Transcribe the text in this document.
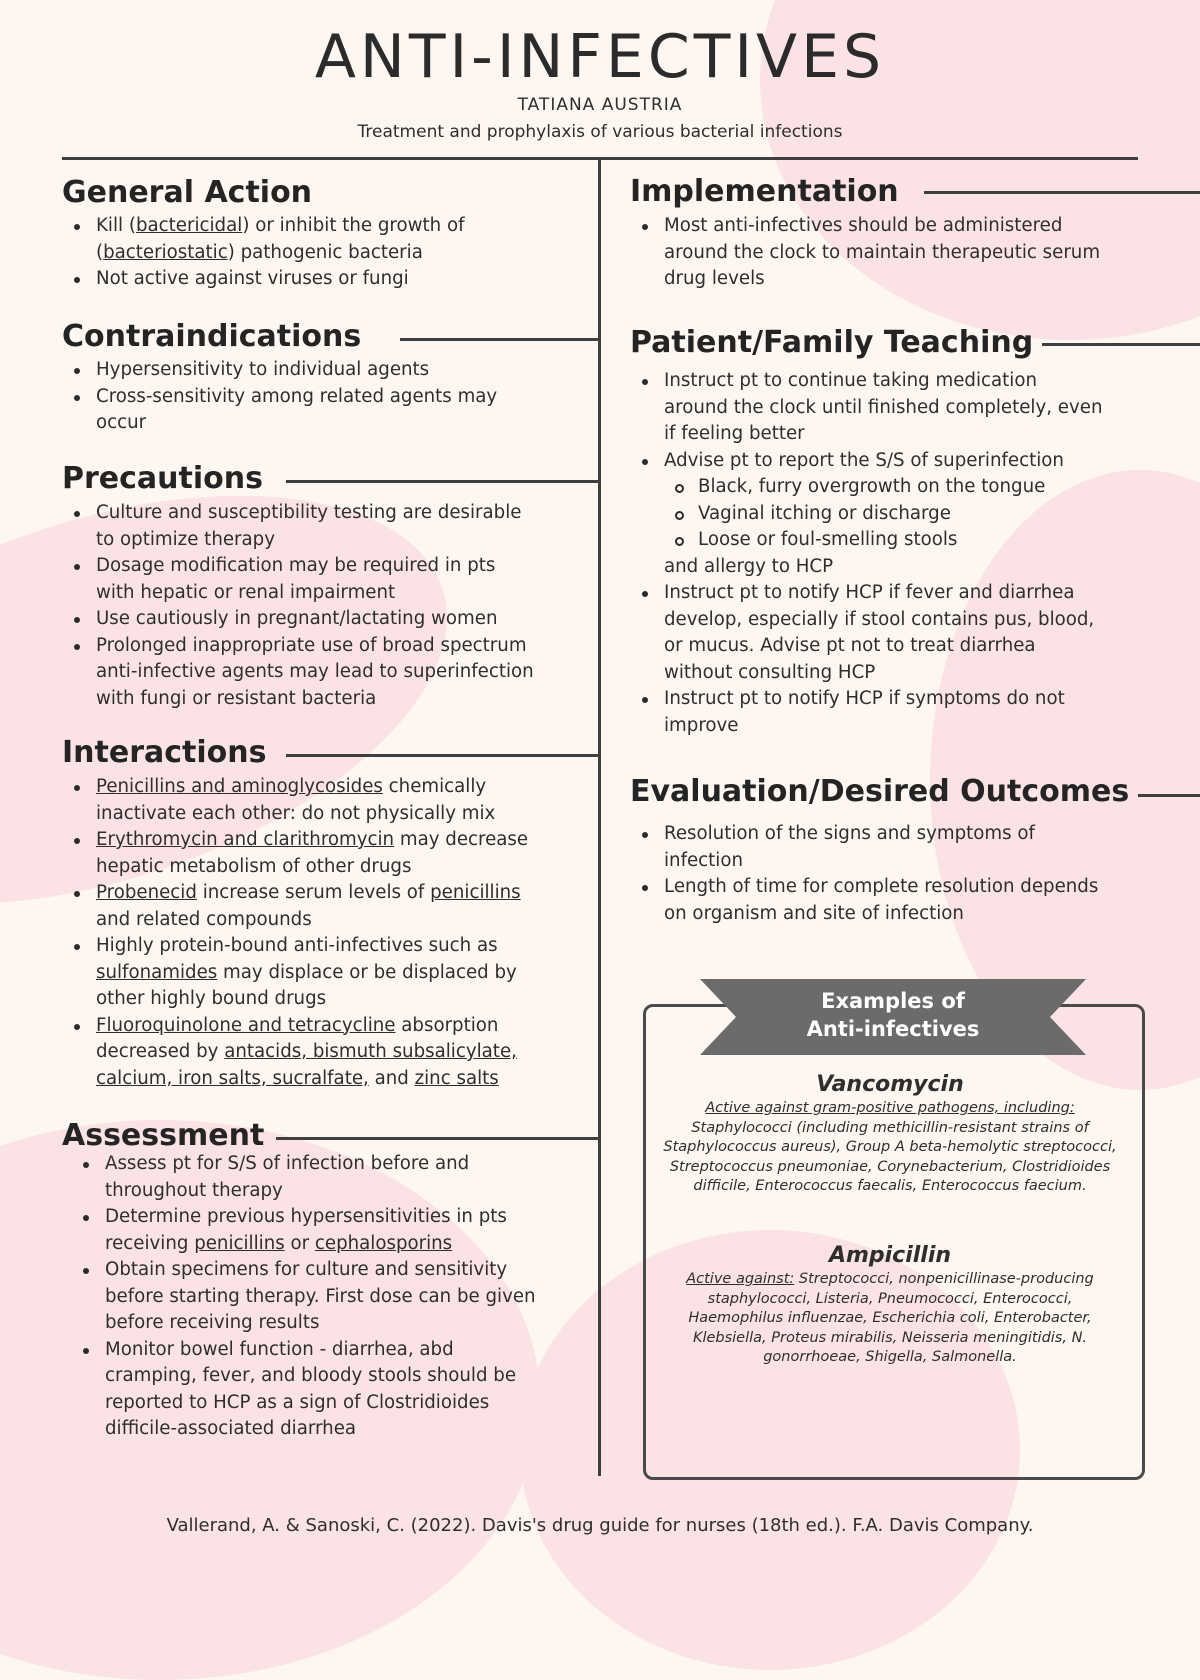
ANTI-INFECTIVES
TATIANA AUSTRIA
Treatment and prophylaxis of various bacterial infections
General Action
Kill (bactericidal) or inhibit the growth of
(bacteriostatic) pathogenic bacteria
Not active against viruses or fungi
Contraindications
Hypersensitivity to individual agents
Cross-sensitivity among related agents may
occur
Precautions
Culture and susceptibility testing are desirable
to optimize therapy
Dosage modification may be required in pts
with hepatic or renal impairment
Use cautiously in pregnant/lactating women
Prolonged inappropriate use of broad spectrum
anti-infective agents may lead to superinfection
with fungi or resistant bacteria
Interactions
Penicillins and aminoglycosides chemically
inactivate each other: do not physically mix
Erythromycin and clarithromycin may decrease
hepatic metabolism of other drugs
Probenecid increase serum levels of penicillins
and related compounds
Highly protein-bound anti-infectives such as
sulfonamides may displace or be displaced by
other highly bound drugs
Fluoroquinolone and tetracycline absorption
decreased by antacids, bismuth subsalicylate,
calcium, iron salts, sucralfate, and zinc salts
Assessment
Assess pt for S/S of infection before and
throughout therapy
Determine previous hypersensitivities in pts
receiving penicillins or cephalosporins
Obtain specimens for culture and sensitivity
before starting therapy. First dose can be given
before receiving results
Monitor bowel function - diarrhea, abd
cramping, fever, and bloody stools should be
reported to HCP as a sign of Clostridioides
difficile-associated diarrhea
Implementation
Most anti-infectives should be administered
around the clock to maintain therapeutic serum
drug levels
Patient/Family Teaching
Instruct pt to continue taking medication
around the clock until finished completely, even
if feeling better
Advise pt to report the S/S of superinfection
Black, furry overgrowth on the tongue
Vaginal itching or discharge
Loose or foul-smelling stools
and allergy to HCP
Instruct pt to notify HCP if fever and diarrhea
develop, especially if stool contains pus, blood,
or mucus. Advise pt not to treat diarrhea
without consulting HCP
Instruct pt to notify HCP if symptoms do not
improve
Evaluation/Desired Outcomes
Resolution of the signs and symptoms of
infection
Length of time for complete resolution depends
on organism and site of infection
Examples of
Anti-infectives
Vancomycin

Active against gram-positive pathogens, including:
Staphylococci (including methicillin-resistant strains of Staphylococcus aureus), Group A beta-hemolytic streptococci, Streptococcus pneumoniae, Corynebacterium, Clostridioides difficile, Enterococcus faecalis, Enterococcus faecium.

Ampicillin

Active against: Streptococci, nonpenicillinase-producing staphylococci, Listeria, Pneumococci, Enterococci, Haemophilus influenzae, Escherichia coli, Enterobacter, Klebsiella, Proteus mirabilis, Neisseria meningitidis, N. gonorrhoeae, Shigella, Salmonella.

Vallerand, A. & Sanoski, C. (2022). Davis's drug guide for nurses (18th ed.). F.A. Davis Company.
